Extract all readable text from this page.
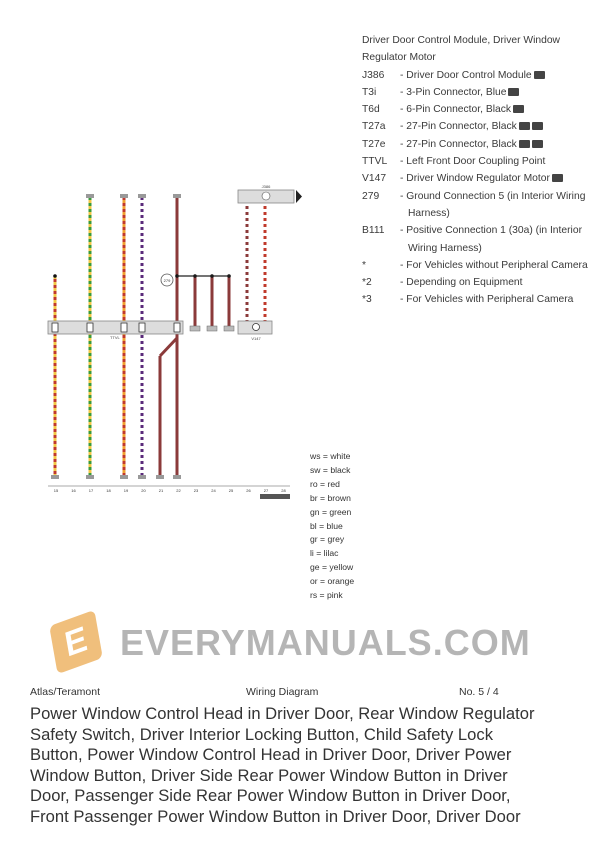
Driver Door Control Module, Driver Window Regulator Motor
J386	- Driver Door Control Module
T3i	- 3-Pin Connector, Blue
T6d	- 6-Pin Connector, Black
T27a	- 27-Pin Connector, Black
T27e	- 27-Pin Connector, Black
TTVL	- Left Front Door Coupling Point
V147	- Driver Window Regulator Motor
279	- Ground Connection 5 (in Interior Wiring Harness)
B111	- Positive Connection 1 (30a) (in Interior Wiring Harness)
*	- For Vehicles without Peripheral Camera
*2	- Depending on Equipment
*3	- For Vehicles with Peripheral Camera
279
J386
V147
TTVL
15	16	17	18	19	20	21	22	23	24	25	26	27	28
E EVERYMANUALS.COM
ws = white
sw = black
ro = red
br = brown
gn = green
bl = blue
gr = grey
li = lilac
ge = yellow
or = orange
rs = pink
Atlas/Teramont	Wiring Diagram	No. 5 / 4
Power Window Control Head in Driver Door, Rear Window Regulator
Safety Switch, Driver Interior Locking Button, Child Safety Lock
Button, Power Window Control Head in Driver Door, Driver Power
Window Button, Driver Side Rear Power Window Button in Driver
Door, Passenger Side Rear Power Window Button in Driver Door,
Front Passenger Power Window Button in Driver Door, Driver Door
